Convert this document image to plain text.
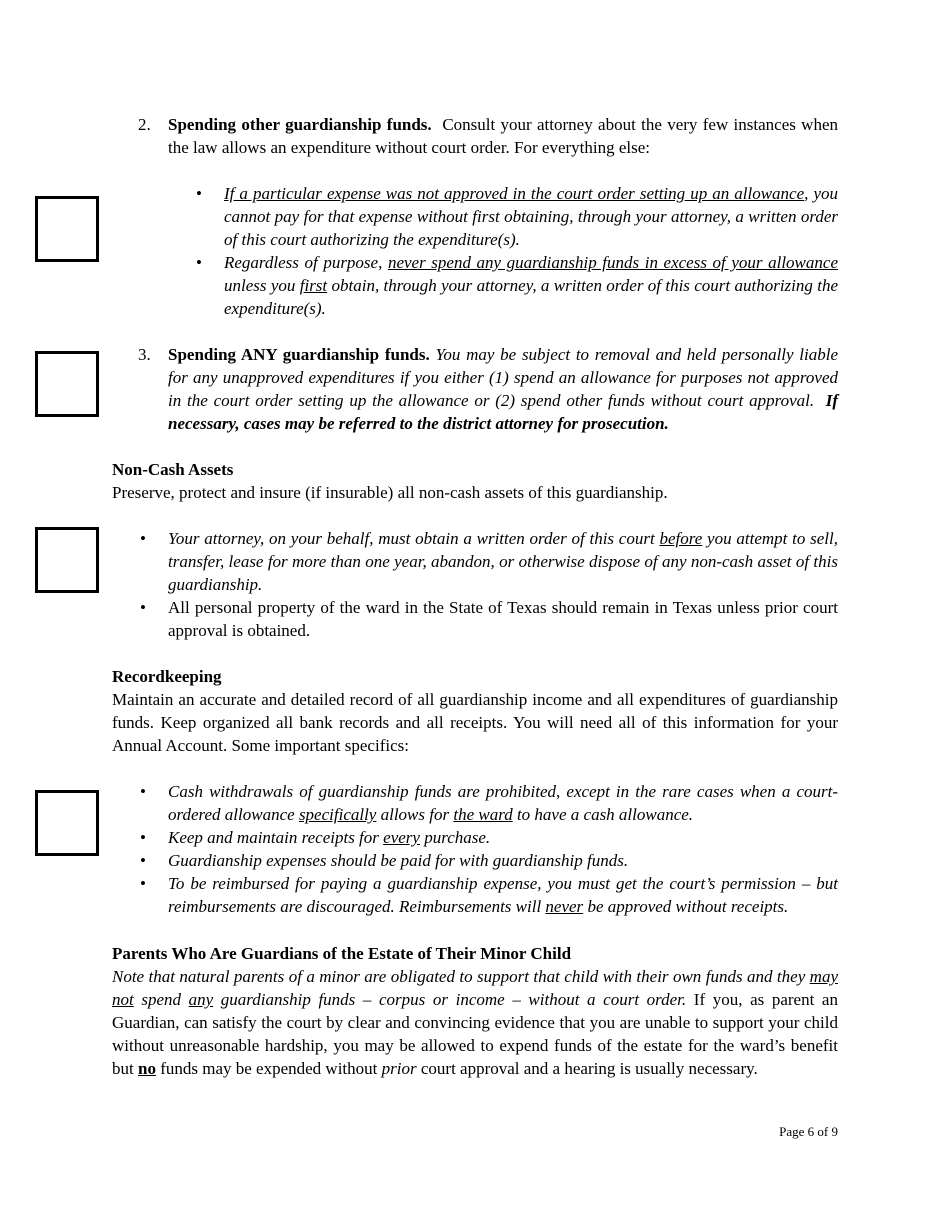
2. Spending other guardianship funds. Consult your attorney about the very few instances when the law allows an expenditure without court order. For everything else:
• If a particular expense was not approved in the court order setting up an allowance, you cannot pay for that expense without first obtaining, through your attorney, a written order of this court authorizing the expenditure(s).
• Regardless of purpose, never spend any guardianship funds in excess of your allowance unless you first obtain, through your attorney, a written order of this court authorizing the expenditure(s).
3. Spending ANY guardianship funds. You may be subject to removal and held personally liable for any unapproved expenditures if you either (1) spend an allowance for purposes not approved in the court order setting up the allowance or (2) spend other funds without court approval. If necessary, cases may be referred to the district attorney for prosecution.
Non-Cash Assets
Preserve, protect and insure (if insurable) all non-cash assets of this guardianship.
• Your attorney, on your behalf, must obtain a written order of this court before you attempt to sell, transfer, lease for more than one year, abandon, or otherwise dispose of any non-cash asset of this guardianship.
• All personal property of the ward in the State of Texas should remain in Texas unless prior court approval is obtained.
Recordkeeping
Maintain an accurate and detailed record of all guardianship income and all expenditures of guardianship funds. Keep organized all bank records and all receipts. You will need all of this information for your Annual Account. Some important specifics:
• Cash withdrawals of guardianship funds are prohibited, except in the rare cases when a court-ordered allowance specifically allows for the ward to have a cash allowance.
• Keep and maintain receipts for every purchase.
• Guardianship expenses should be paid for with guardianship funds.
• To be reimbursed for paying a guardianship expense, you must get the court’s permission – but reimbursements are discouraged. Reimbursements will never be approved without receipts.
Parents Who Are Guardians of the Estate of Their Minor Child
Note that natural parents of a minor are obligated to support that child with their own funds and they may not spend any guardianship funds – corpus or income – without a court order. If you, as parent an Guardian, can satisfy the court by clear and convincing evidence that you are unable to support your child without unreasonable hardship, you may be allowed to expend funds of the estate for the ward’s benefit but no funds may be expended without prior court approval and a hearing is usually necessary.
Page 6 of 9
